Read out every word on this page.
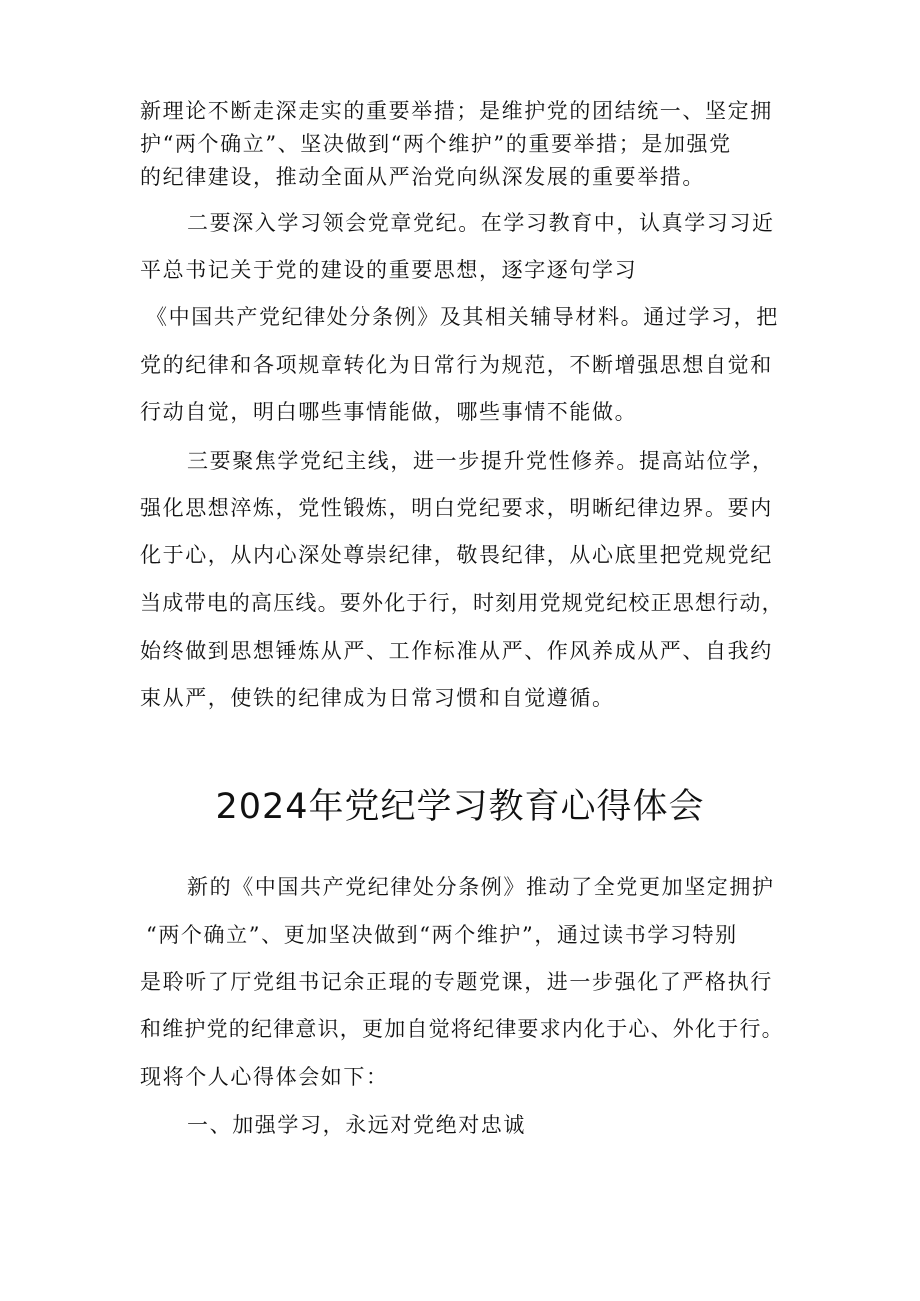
新理论不断走深走实的重要举措；是维护党的团结统一、坚定拥
护“两个确立”、坚决做到“两个维护”的重要举措；是加强党
的纪律建设，推动全面从严治党向纵深发展的重要举措。
二要深入学习领会党章党纪。在学习教育中，认真学习习近
平总书记关于党的建设的重要思想，逐字逐句学习
《中国共产党纪律处分条例》及其相关辅导材料。通过学习，把
党的纪律和各项规章转化为日常行为规范，不断增强思想自觉和
行动自觉，明白哪些事情能做，哪些事情不能做。
三要聚焦学党纪主线，进一步提升党性修养。提高站位学，
强化思想淬炼，党性锻炼，明白党纪要求，明晰纪律边界。要内
化于心，从内心深处尊崇纪律，敬畏纪律，从心底里把党规党纪
当成带电的高压线。要外化于行，时刻用党规党纪校正思想行动，
始终做到思想锤炼从严、工作标准从严、作风养成从严、自我约
束从严，使铁的纪律成为日常习惯和自觉遵循。
2024年党纪学习教育心得体会
新的《中国共产党纪律处分条例》推动了全党更加坚定拥护
“两个确立”、更加坚决做到“两个维护”，通过读书学习特别
是聆听了厅党组书记余正琨的专题党课，进一步强化了严格执行
和维护党的纪律意识，更加自觉将纪律要求内化于心、外化于行。
现将个人心得体会如下：
一、加强学习，永远对党绝对忠诚
